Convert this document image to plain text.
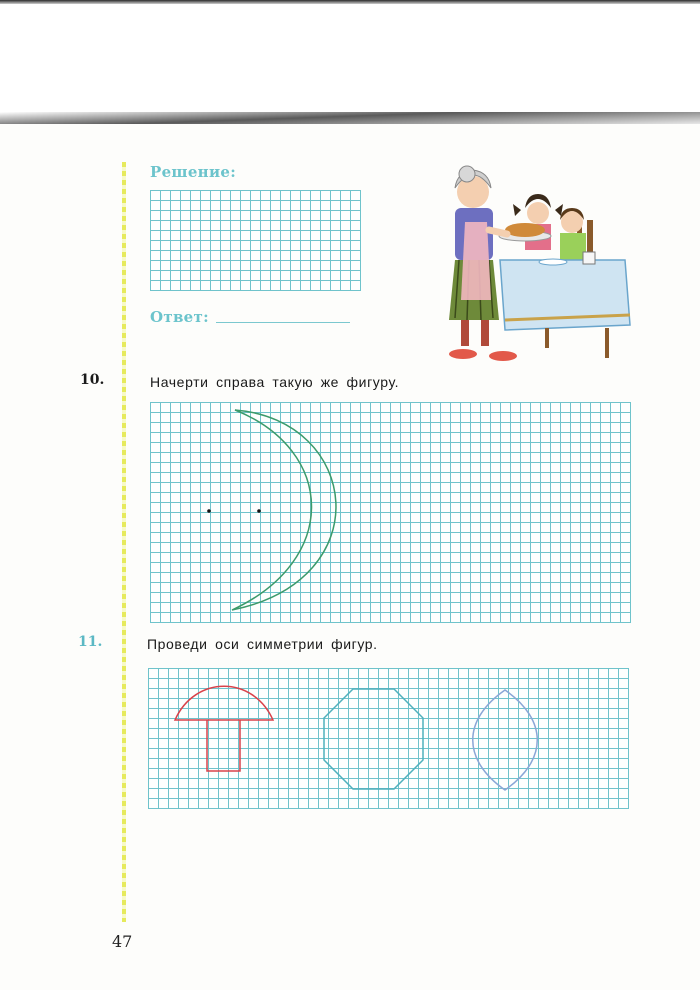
Решение:
Ответ:
10.	Начерти справа такую же фигуру.
11.	Проведи оси симметрии фигур.
47
